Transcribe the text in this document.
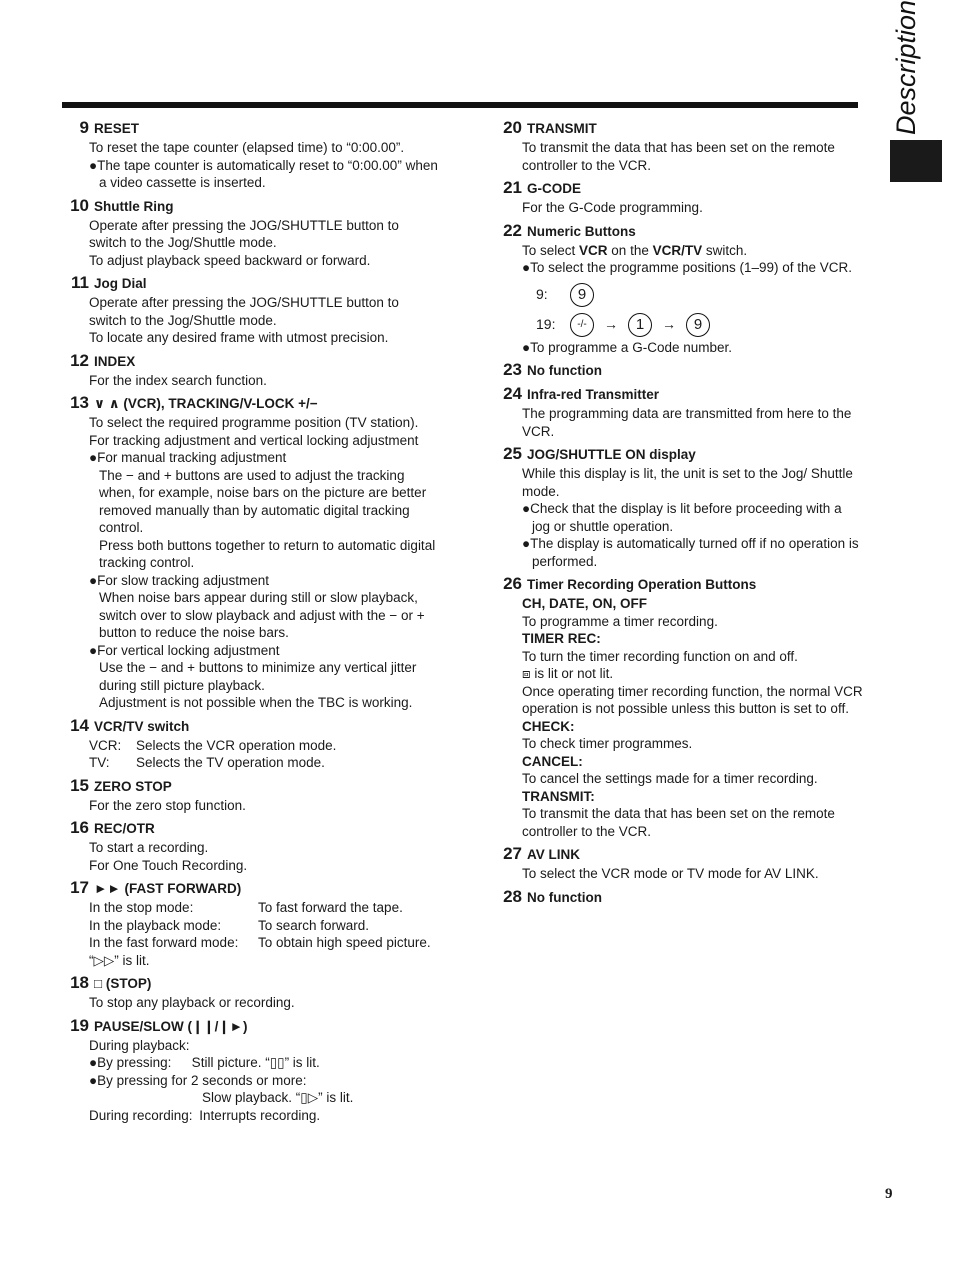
Description
9 RESET

To reset the tape counter (elapsed time) to “0:00.00”.

●The tape counter is automatically reset to “0:00.00” when a video cassette is inserted.

10 Shuttle Ring

Operate after pressing the JOG/SHUTTLE button to switch to the Jog/Shuttle mode.

To adjust playback speed backward or forward.

11 Jog Dial

Operate after pressing the JOG/SHUTTLE button to switch to the Jog/Shuttle mode.

To locate any desired frame with utmost precision.

12 INDEX

For the index search function.

13 ∨ ∧ (VCR), TRACKING/V-LOCK +/−

To select the required programme position (TV station).

For tracking adjustment and vertical locking adjustment

●For manual tracking adjustment

The − and + buttons are used to adjust the tracking when, for example, noise bars on the picture are better removed manually than by automatic digital tracking control.

Press both buttons together to return to automatic digital tracking control.

●For slow tracking adjustment

When noise bars appear during still or slow playback, switch over to slow playback and adjust with the − or + button to reduce the noise bars.

●For vertical locking adjustment

Use the − and + buttons to minimize any vertical jitter during still picture playback.

Adjustment is not possible when the TBC is working.

14 VCR/TV switch
VCR:	Selects the VCR operation mode.
TV:	Selects the TV operation mode.
15 ZERO STOP

For the zero stop function.

16 REC/OTR

To start a recording.

For One Touch Recording.

17 ►► (FAST FORWARD)
In the stop mode:	To fast forward the tape.
In the playback mode:	To search forward.
In the fast forward mode:	To obtain high speed picture.

“▷▷” is lit.

18 □ (STOP)

To stop any playback or recording.

19 PAUSE/SLOW (❙❙/❙►)

During playback:

●By pressing:  Still picture. “▯▯” is lit.

●By pressing for 2 seconds or more:

Slow playback. “▯▷” is lit.

During recording: Interrupts recording.

20 TRANSMIT

To transmit the data that has been set on the remote controller to the VCR.

21 G-CODE

For the G-Code programming.

22 Numeric Buttons

To select VCR on the VCR/TV switch.

●To select the programme positions (1–99) of the VCR.

9:	9
19:	-/-	→	1	→	9

●To programme a G-Code number.

23 No function
24 Infra-red Transmitter

The programming data are transmitted from here to the VCR.

25 JOG/SHUTTLE ON display

While this display is lit, the unit is set to the Jog/ Shuttle mode.

●Check that the display is lit before proceeding with a jog or shuttle operation.

●The display is automatically turned off if no operation is performed.

26 Timer Recording Operation Buttons

CH, DATE, ON, OFF

To programme a timer recording.

TIMER REC:

To turn the timer recording function on and off.

⧈ is lit or not lit.

Once operating timer recording function, the normal VCR operation is not possible unless this button is set to off.

CHECK:

To check timer programmes.

CANCEL:

To cancel the settings made for a timer recording.

TRANSMIT:

To transmit the data that has been set on the remote controller to the VCR.

27 AV LINK

To select the VCR mode or TV mode for AV LINK.

28 No function
9
